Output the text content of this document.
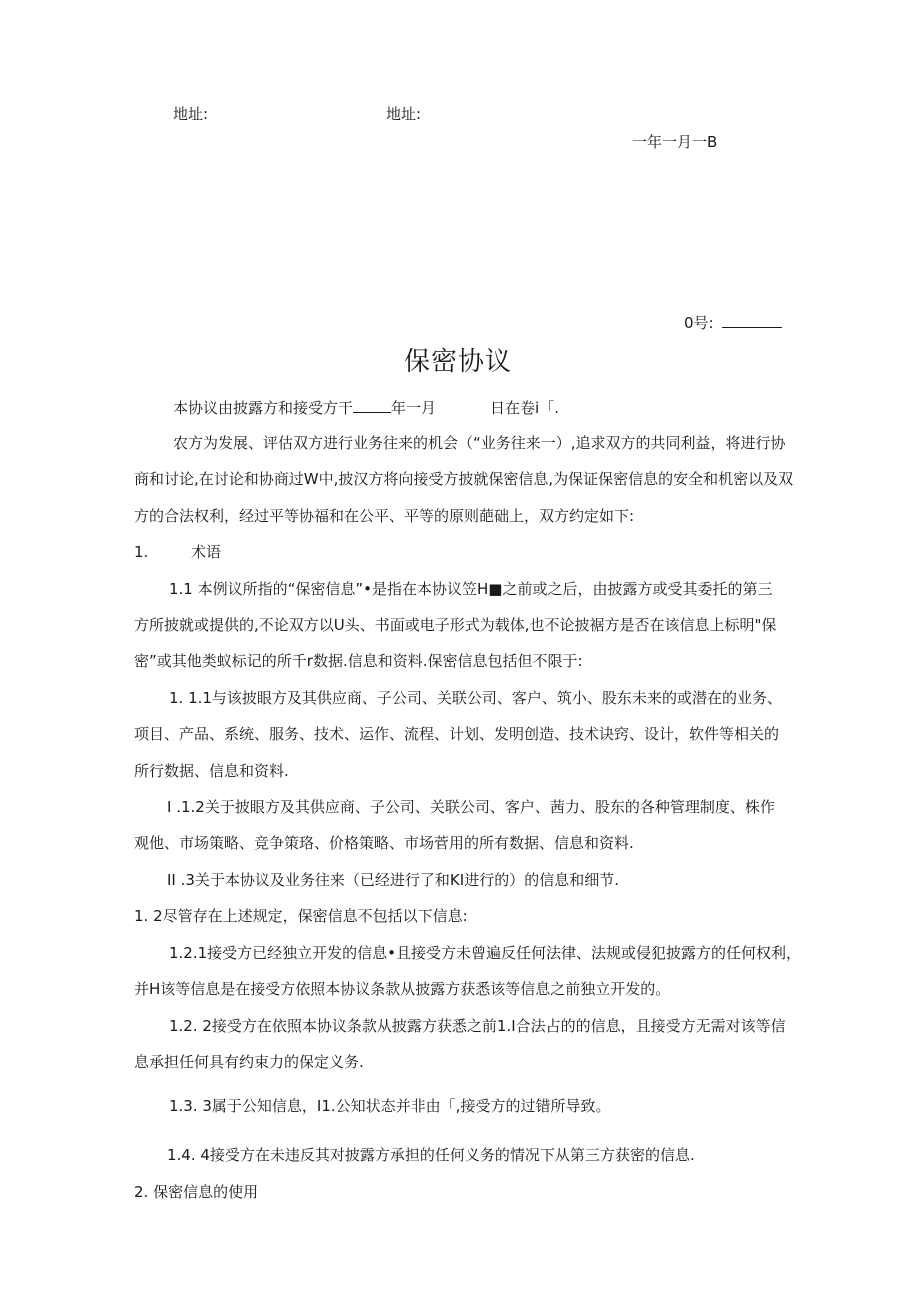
地址:	地址:
一年一月一B
0号:
保密协议
本协议由披露方和接受方干	年一月	日在卷i「.
农方为发展、评估双方进行业务往来的机会（“业务往来一）,追求双方的共同利益，将进行协
商和讨论,在讨论和协商过W中,披汉方将向接受方披就保密信息,为保证保密信息的安全和机密以及双
方的合法权利，经过平等协福和在公平、平等的原则葩础上，双方约定如下:
1.	术语
1.1 本例议所指的“保密信息”•是指在本协议笠H■之前或之后，由披露方或受其委托的第三
方所披就或提供的,不论双方以U头、书面或电子形式为载体,也不论披裾方是否在该信息上标明"保
密”或其他类蚁标记的所千r数据.信息和资料.保密信息包括但不限于:
1. 1.1与该披眼方及其供应商、子公司、关联公司、客户、筑小、股东未来的或潜在的业务、
项目、产品、系统、服务、技术、运作、流程、计划、发明创造、技术诀窍、设计，软件等相关的
所行数据、信息和资料.
I .1.2关于披眼方及其供应商、子公司、关联公司、客户、茜力、股东的各种管理制度、株作
观他、市场策略、竞争策珞、价格策略、市场菅用的所有数据、信息和资料.
II .3关于本协议及业务往来（已经进行了和KI进行的）的信息和细节.
1. 2尽管存在上述规定，保密信息不包括以下信息:
1.2.1接受方已经独立开发的信息•且接受方未曾遍反任何法律、法规或侵犯披露方的任何权利，
并H该等信息是在接受方依照本协议条款从披露方获悉该等信息之前独立开发的。
1.2. 2接受方在依照本协议条款从披露方获悉之前1.I合法占的的信息，且接受方无需对该等信
息承担任何具有约束力的保定义务.
1.3. 3属于公知信息，I1.公知状态并非由「,接受方的过错所导致。
1.4. 4接受方在未违反其对披露方承担的任何义务的情况下从第三方获密的信息.
2. 保密信息的使用
